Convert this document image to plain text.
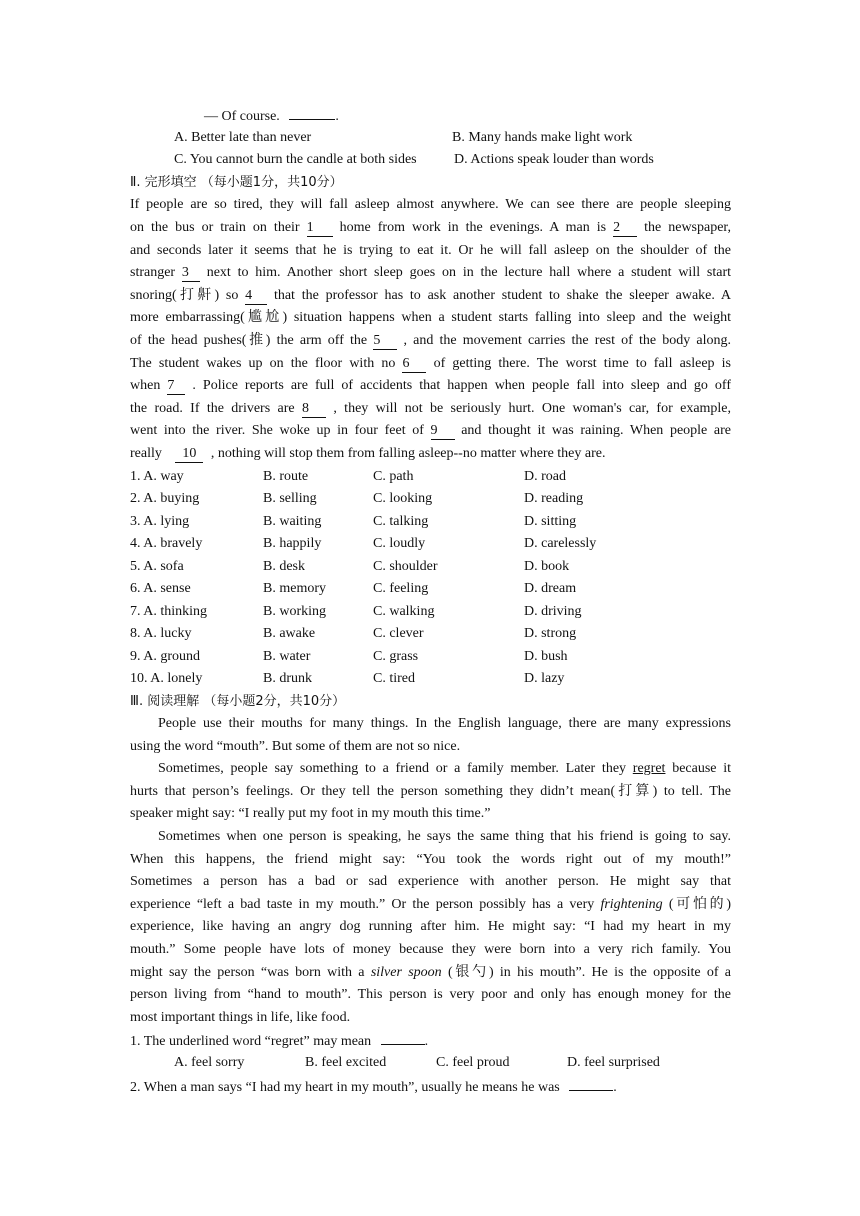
— Of course.	.
A. Better late than never	B. Many hands make light work
C. You cannot burn the candle at both sides	D. Actions speak louder than words
Ⅱ. 完形填空 （每小题1分，共10分）
If people are so tired, they will fall asleep almost anywhere. We can see there are people sleeping
on the bus or train on their 1 home from work in the evenings. A man is 2 the newspaper,
and seconds later it seems that he is trying to eat it. Or he will fall asleep on the shoulder of the
stranger 3 next to him. Another short sleep goes on in the lecture hall where a student will start
snoring(打鼾) so 4 that the professor has to ask another student to shake the sleeper awake. A
more embarrassing(尴尬) situation happens when a student starts falling into sleep and the weight
of the head pushes(推) the arm off the 5 , and the movement carries the rest of the body along.
The student wakes up on the floor with no 6 of getting there. The worst time to fall asleep is
when 7 . Police reports are full of accidents that happen when people fall into sleep and go off
the road. If the drivers are 8 , they will not be seriously hurt. One woman's car, for example,
went into the river. She woke up in four feet of 9 and thought it was raining. When people are
really 10 , nothing will stop them from falling asleep--no matter where they are.
1. A. way	B. route	C. path	D. road
2. A. buying	B. selling	C. looking	D. reading
3. A. lying	B. waiting	C. talking	D. sitting
4. A. bravely	B. happily	C. loudly	D. carelessly
5. A. sofa	B. desk	C. shoulder	D. book
6. A. sense	B. memory	C. feeling	D. dream
7. A. thinking	B. working	C. walking	D. driving
8. A. lucky	B. awake	C. clever	D. strong
9. A. ground	B. water	C. grass	D. bush
10. A. lonely	B. drunk	C. tired	D. lazy
Ⅲ. 阅读理解 （每小题2分，共10分）
People use their mouths for many things. In the English language, there are many expressions
using the word “mouth”. But some of them are not so nice.
Sometimes, people say something to a friend or a family member. Later they regret because it
hurts that person’s feelings. Or they tell the person something they didn’t mean(打算) to tell. The
speaker might say: “I really put my foot in my mouth this time.”
Sometimes when one person is speaking, he says the same thing that his friend is going to say.
When this happens, the friend might say: “You took the words right out of my mouth!”
Sometimes a person has a bad or sad experience with another person. He might say that
experience “left a bad taste in my mouth.” Or the person possibly has a very frightening (可怕的)
experience, like having an angry dog running after him. He might say: “I had my heart in my
mouth.” Some people have lots of money because they were born into a very rich family. You
might say the person “was born with a silver spoon (银勺) in his mouth”. He is the opposite of a
person living from “hand to mouth”. This person is very poor and only has enough money for the
most important things in life, like food.
1. The underlined word “regret” may mean	.
A. feel sorry	B. feel excited	C. feel proud	D. feel surprised
2. When a man says “I had my heart in my mouth”, usually he means he was	.
